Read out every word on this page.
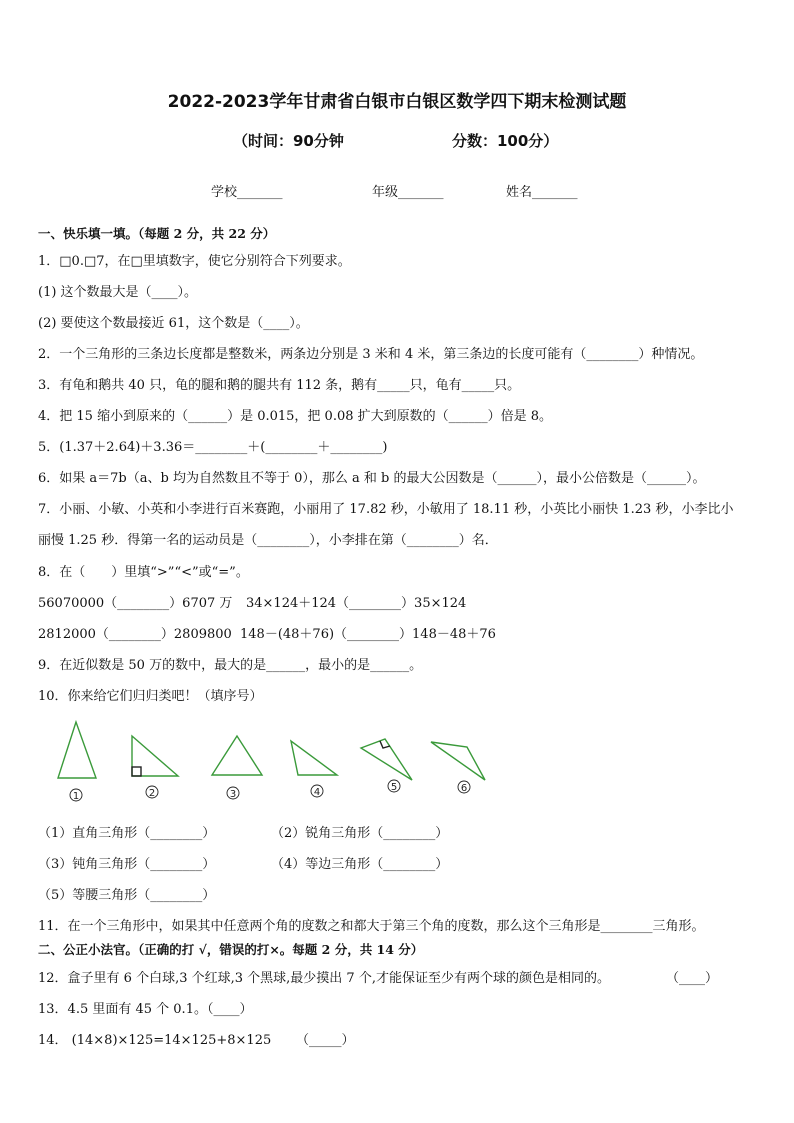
2022-2023学年甘肃省白银市白银区数学四下期末检测试题
（时间：90分钟	分数：100分）
学校_______	年级_______	姓名_______
一、快乐填一填。（每题 2 分，共 22 分）
1．□0.□7，在□里填数字，使它分别符合下列要求。
(1) 这个数最大是（____）。
(2) 要使这个数最接近 61，这个数是（____）。
2．一个三角形的三条边长度都是整数米，两条边分别是 3 米和 4 米，第三条边的长度可能有（________）种情况。
3．有龟和鹅共 40 只，龟的腿和鹅的腿共有 112 条，鹅有_____只，龟有_____只。
4．把 15 缩小到原来的（______）是 0.015，把 0.08 扩大到原数的（______）倍是 8。
5．(1.37＋2.64)＋3.36＝________＋(________＋________)
6．如果 a＝7b（a、b 均为自然数且不等于 0），那么 a 和 b 的最大公因数是（______），最小公倍数是（______）。
7．小丽、小敏、小英和小李进行百米赛跑，小丽用了 17.82 秒，小敏用了 18.11 秒，小英比小丽快 1.23 秒，小李比小
丽慢 1.25 秒．得第一名的运动员是（________），小李排在第（________）名．
8．在（　　）里填“>”“<”或“=”。
56070000（________）6707 万 34×124＋124（________）35×124
2812000（________）2809800 148－(48＋76)（________）148－48＋76
9．在近似数是 50 万的数中，最大的是______，最小的是______。
10．你来给它们归归类吧！（填序号）
1	2	3	4	5	6
（1）直角三角形（________）	（2）锐角三角形（________）
（3）钝角三角形（________）	（4）等边三角形（________）
（5）等腰三角形（________）
11．在一个三角形中，如果其中任意两个角的度数之和都大于第三个角的度数，那么这个三角形是________三角形。
二、公正小法官。（正确的打 √，错误的打×。每题 2 分，共 14 分）
12．盒子里有 6 个白球,3 个红球,3 个黑球,最少摸出 7 个,才能保证至少有两个球的颜色是相同的。	（____）
13．4.5 里面有 45 个 0.1。（____）
14． (14×8)×125=14×125+8×125 （_____）
